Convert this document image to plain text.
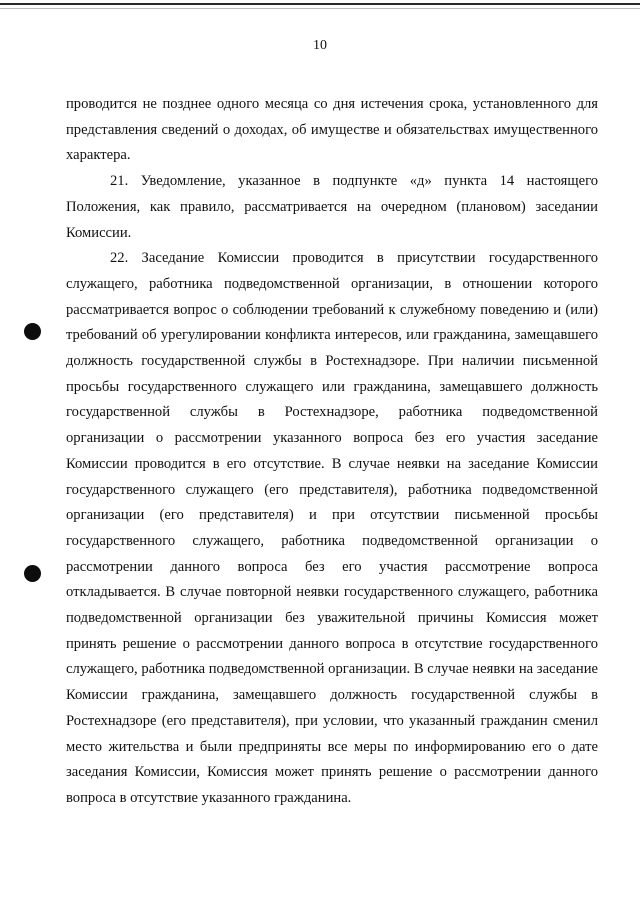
10

проводится не позднее одного месяца со дня истечения срока, установленного для представления сведений о доходах, об имуществе и обязательствах имущественного характера.

21. Уведомление, указанное в подпункте «д» пункта 14 настоящего Положения, как правило, рассматривается на очередном (плановом) заседании Комиссии.

22. Заседание Комиссии проводится в присутствии государственного служащего, работника подведомственной организации, в отношении которого рассматривается вопрос о соблюдении требований к служебному поведению и (или) требований об урегулировании конфликта интересов, или гражданина, замещавшего должность государственной службы в Ростехнадзоре. При наличии письменной просьбы государственного служащего или гражданина, замещавшего должность государственной службы в Ростехнадзоре, работника подведомственной организации о рассмотрении указанного вопроса без его участия заседание Комиссии проводится в его отсутствие. В случае неявки на заседание Комиссии государственного служащего (его представителя), работника подведомственной организации (его представителя) и при отсутствии письменной просьбы государственного служащего, работника подведомственной организации о рассмотрении данного вопроса без его участия рассмотрение вопроса откладывается. В случае повторной неявки государственного служащего, работника подведомственной организации без уважительной причины Комиссия может принять решение о рассмотрении данного вопроса в отсутствие государственного служащего, работника подведомственной организации. В случае неявки на заседание Комиссии гражданина, замещавшего должность государственной службы в Ростехнадзоре (его представителя), при условии, что указанный гражданин сменил место жительства и были предприняты все меры по информированию его о дате заседания Комиссии, Комиссия может принять решение о рассмотрении данного вопроса в отсутствие указанного гражданина.
